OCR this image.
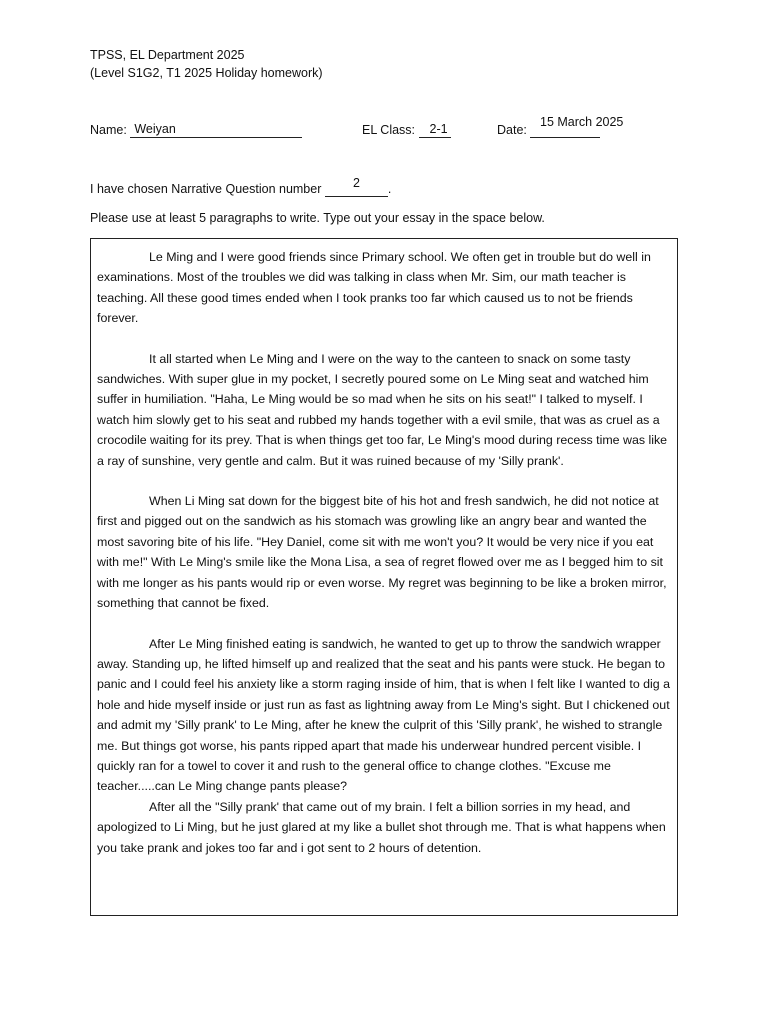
TPSS, EL Department 2025
(Level S1G2, T1 2025 Holiday homework)
Name: Weiyan	EL Class: 2-1	Date:
15 March 2025
I have chosen Narrative Question number	.
2
Please use at least 5 paragraphs to write. Type out your essay in the space below.

Le Ming and I were good friends since Primary school. We often get in trouble but do well in examinations. Most of the troubles we did was talking in class when Mr. Sim, our math teacher is teaching. All these good times ended when I took pranks too far which caused us to not be friends forever.

It all started when Le Ming and I were on the way to the canteen to snack on some tasty sandwiches. With super glue in my pocket, I secretly poured some on Le Ming seat and watched him suffer in humiliation. "Haha, Le Ming would be so mad when he sits on his seat!" I talked to myself. I watch him slowly get to his seat and rubbed my hands together with a evil smile, that was as cruel as a crocodile waiting for its prey. That is when things get too far, Le Ming's mood during recess time was like a ray of sunshine, very gentle and calm. But it was ruined because of my 'Silly prank'.

When Li Ming sat down for the biggest bite of his hot and fresh sandwich, he did not notice at first and pigged out on the sandwich as his stomach was growling like an angry bear and wanted the most savoring bite of his life. "Hey Daniel, come sit with me won't you? It would be very nice if you eat with me!" With Le Ming's smile like the Mona Lisa, a sea of regret flowed over me as I begged him to sit with me longer as his pants would rip or even worse. My regret was beginning to be like a broken mirror, something that cannot be fixed.

After Le Ming finished eating is sandwich, he wanted to get up to throw the sandwich wrapper away. Standing up, he lifted himself up and realized that the seat and his pants were stuck. He began to panic and I could feel his anxiety like a storm raging inside of him, that is when I felt like I wanted to dig a hole and hide myself inside or just run as fast as lightning away from Le Ming's sight. But I chickened out and admit my 'Silly prank' to Le Ming, after he knew the culprit of this 'Silly prank', he wished to strangle me. But things got worse, his pants ripped apart that made his underwear hundred percent visible. I quickly ran for a towel to cover it and rush to the general office to change clothes. "Excuse me teacher.....can Le Ming change pants please?

After all the "Silly prank' that came out of my brain. I felt a billion sorries in my head, and apologized to Li Ming, but he just glared at my like a bullet shot through me. That is what happens when you take prank and jokes too far and i got sent to 2 hours of detention.
